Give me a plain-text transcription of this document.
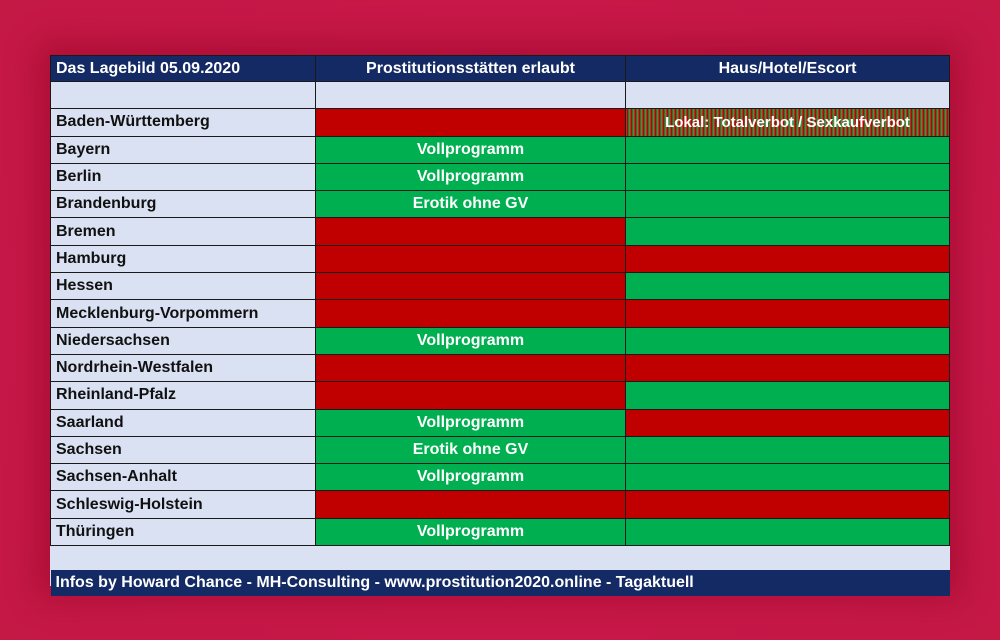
Das Lagebild 05.09.2020	Prostitutionsstätten erlaubt	Haus/Hotel/Escort

Baden-Württemberg		Lokal: Totalverbot / Sexkaufverbot
Bayern	Vollprogramm	
Berlin	Vollprogramm	
Brandenburg	Erotik ohne GV	
Bremen		
Hamburg		
Hessen		
Mecklenburg-Vorpommern		
Niedersachsen	Vollprogramm	
Nordrhein-Westfalen		
Rheinland-Pfalz		
Saarland	Vollprogramm	
Sachsen	Erotik ohne GV	
Sachsen-Anhalt	Vollprogramm	
Schleswig-Holstein		
Thüringen	Vollprogramm	

Infos by Howard Chance - MH-Consulting - www.prostitution2020.online - Tagaktuell		
